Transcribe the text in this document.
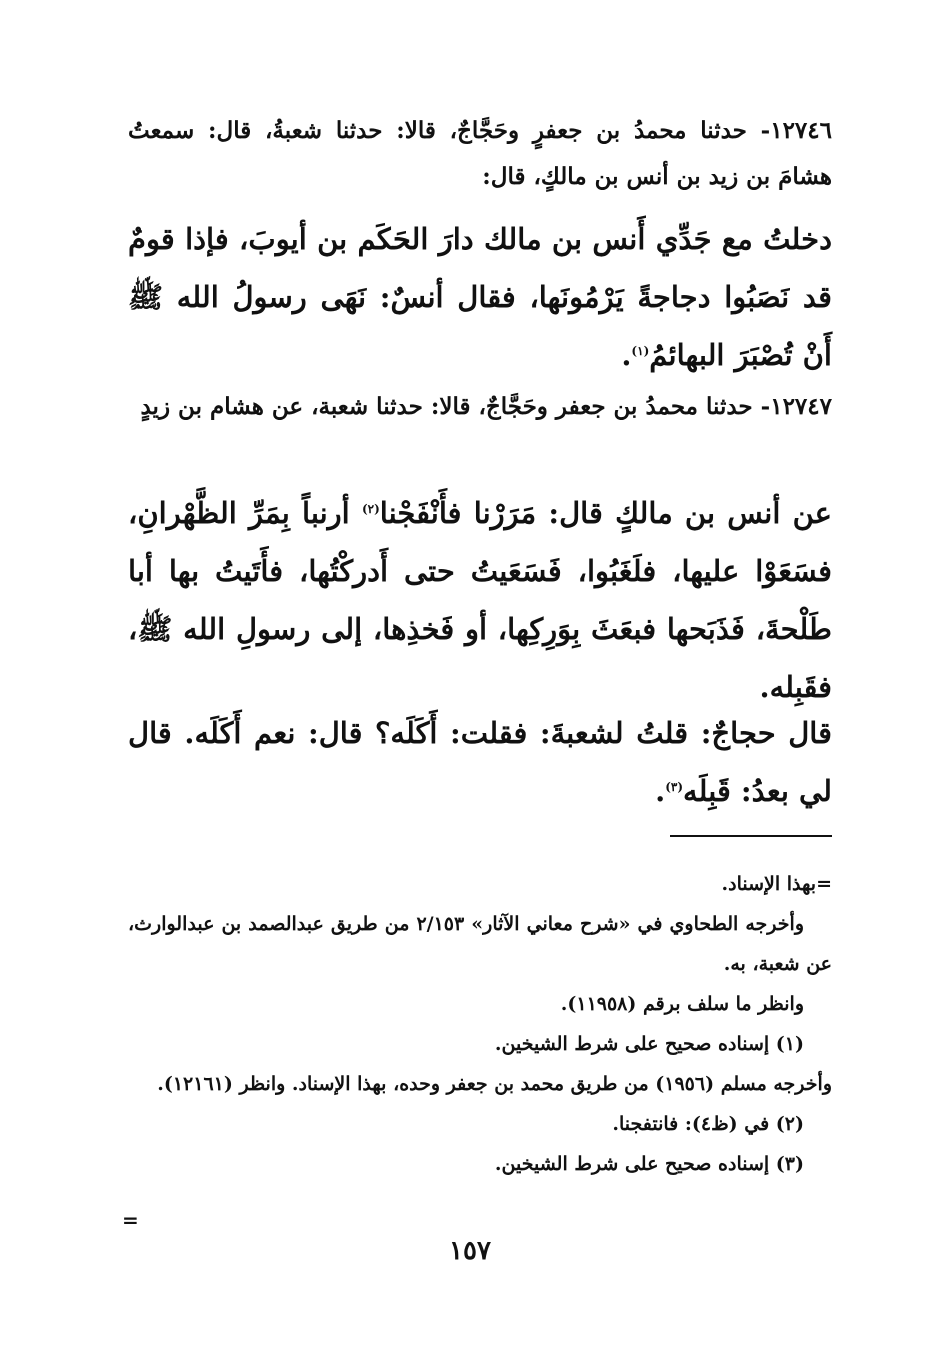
١٢٧٤٦- حدثنا محمدُ بن جعفرٍ وحَجَّاجٌ، قالا: حدثنا شعبةُ، قال: سمعتُ هشامَ بن زيد بن أنس بن مالكٍ، قال:

دخلتُ مع جَدِّي أَنس بن مالك دارَ الحَكَم بن أيوبَ، فإذا قومٌ قد نَصَبُوا دجاجةً يَرْمُونَها، فقال أنسٌ: نَهَى رسولُ الله ﷺ أَنْ تُصْبَرَ البهائمُ$^{(١)}$.

١٢٧٤٧- حدثنا محمدُ بن جعفر وحَجَّاجٌ، قالا: حدثنا شعبة، عن هشام بن زيدٍ

عن أنس بن مالكٍ قال: مَرَرْنا فأَنْفَجْنا$^{(٢)}$ أرنباً بِمَرِّ الظَّهْرانِ، فسَعَوْا عليها، فلَغَبُوا، فَسَعَيتُ حتى أَدركْتُها، فأَتَيتُ بها أبا طَلْحةَ، فَذَبَحها فبعَثَ بِوَرِكِها، أو فَخذِها، إلى رسولِ الله ﷺ، فقَبِله.

قال حجاجٌ: قلتُ لشعبةَ: فقلت: أَكَلَه؟ قال: نعم أَكَلَه. قال لي بعدُ: قَبِلَه$^{(٣)}$.

=بهذا الإسناد.
وأخرجه الطحاوي في «شرح معاني الآثار» ٢/١٥٣ من طريق عبدالصمد بن عبدالوارث، عن شعبة، به.
وانظر ما سلف برقم (١١٩٥٨).
(١) إسناده صحيح على شرط الشيخين.
وأخرجه مسلم (١٩٥٦) من طريق محمد بن جعفر وحده، بهذا الإسناد. وانظر (١٢١٦١).
(٢) في (ظ٤): فانتفجنا.
(٣) إسناده صحيح على شرط الشيخين.
=
١٥٧
